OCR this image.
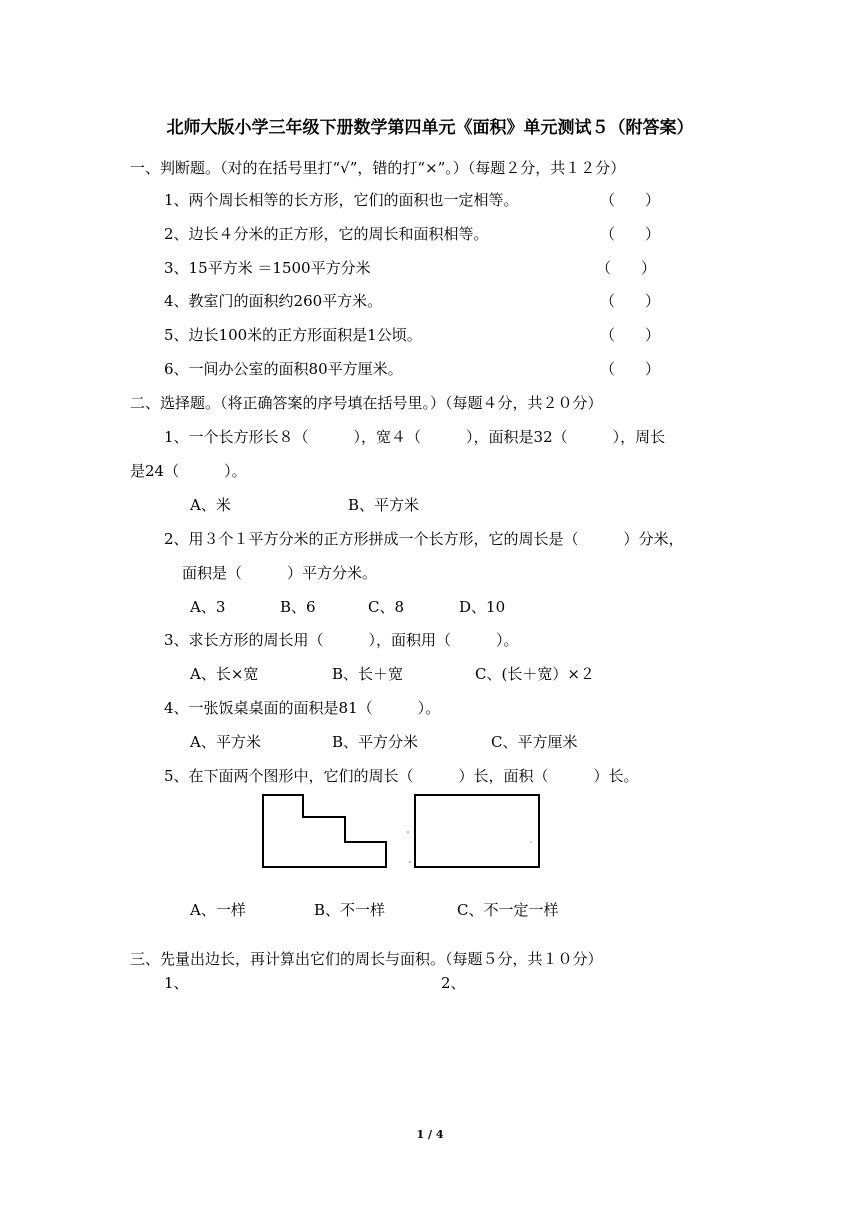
北师大版小学三年级下册数学第四单元《面积》单元测试５（附答案）
一、判断题。（对的在括号里打“√”，错的打“×”。）（每题２分，共１２分）
1、两个周长相等的长方形，它们的面积也一定相等。	（　　）
2、边长４分米的正方形，它的周长和面积相等。	（　　）
3、15平方米 ＝1500平方分米	（　　）
4、教室门的面积约260平方米。	（　　）
5、边长100米的正方形面积是1公顷。	（　　）
6、一间办公室的面积80平方厘米。	（　　）
二、选择题。（将正确答案的序号填在括号里。）（每题４分，共２０分）
1、一个长方形长８（　　　），宽４（　　　），面积是32（　　　），周长
是24（　　　）。
A、米	B、平方米
2、用３个１平方分米的正方形拼成一个长方形，它的周长是（　　　）分米，
面积是（　　　）平方分米。
A、3	B、6	C、8	D、10
3、求长方形的周长用（　　　），面积用（　　　）。
A、长×宽	B、长＋宽	C、(长＋宽）×２
4、一张饭桌桌面的面积是81（　　　）。
A、平方米	B、平方分米	C、平方厘米
5、在下面两个图形中，它们的周长（　　　）长，面积（　　　）长。
A、一样	B、不一样	C、不一定一样
三、先量出边长，再计算出它们的周长与面积。（每题５分，共１０分）
1、	2、
1 / 4
